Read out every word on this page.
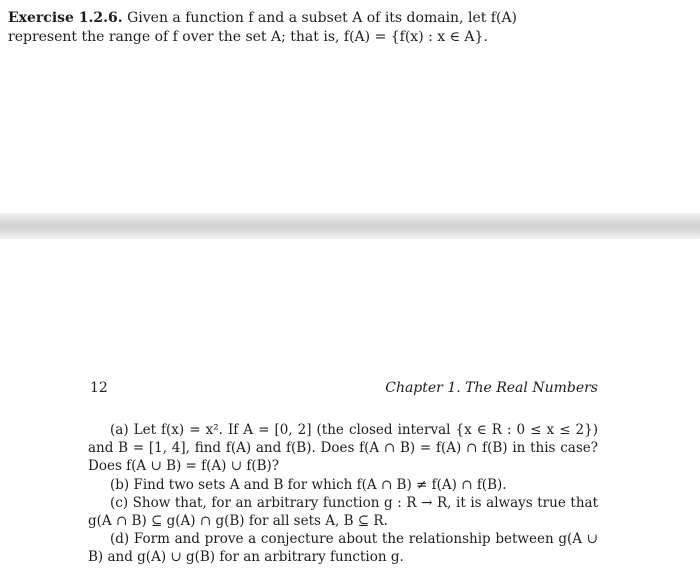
Exercise 1.2.6. Given a function f and a subset A of its domain, let f(A)
represent the range of f over the set A; that is, f(A) = {f(x) : x ∈ A}.
12	Chapter 1. The Real Numbers

(a) Let f(x) = x². If A = [0, 2] (the closed interval {x ∈ R : 0 ≤ x ≤ 2}) and B = [1, 4], find f(A) and f(B). Does f(A ∩ B) = f(A) ∩ f(B) in this case? Does f(A ∪ B) = f(A) ∪ f(B)?

(b) Find two sets A and B for which f(A ∩ B) ≠ f(A) ∩ f(B).

(c) Show that, for an arbitrary function g : R → R, it is always true that g(A ∩ B) ⊆ g(A) ∩ g(B) for all sets A, B ⊆ R.

(d) Form and prove a conjecture about the relationship between g(A ∪ B) and g(A) ∪ g(B) for an arbitrary function g.
